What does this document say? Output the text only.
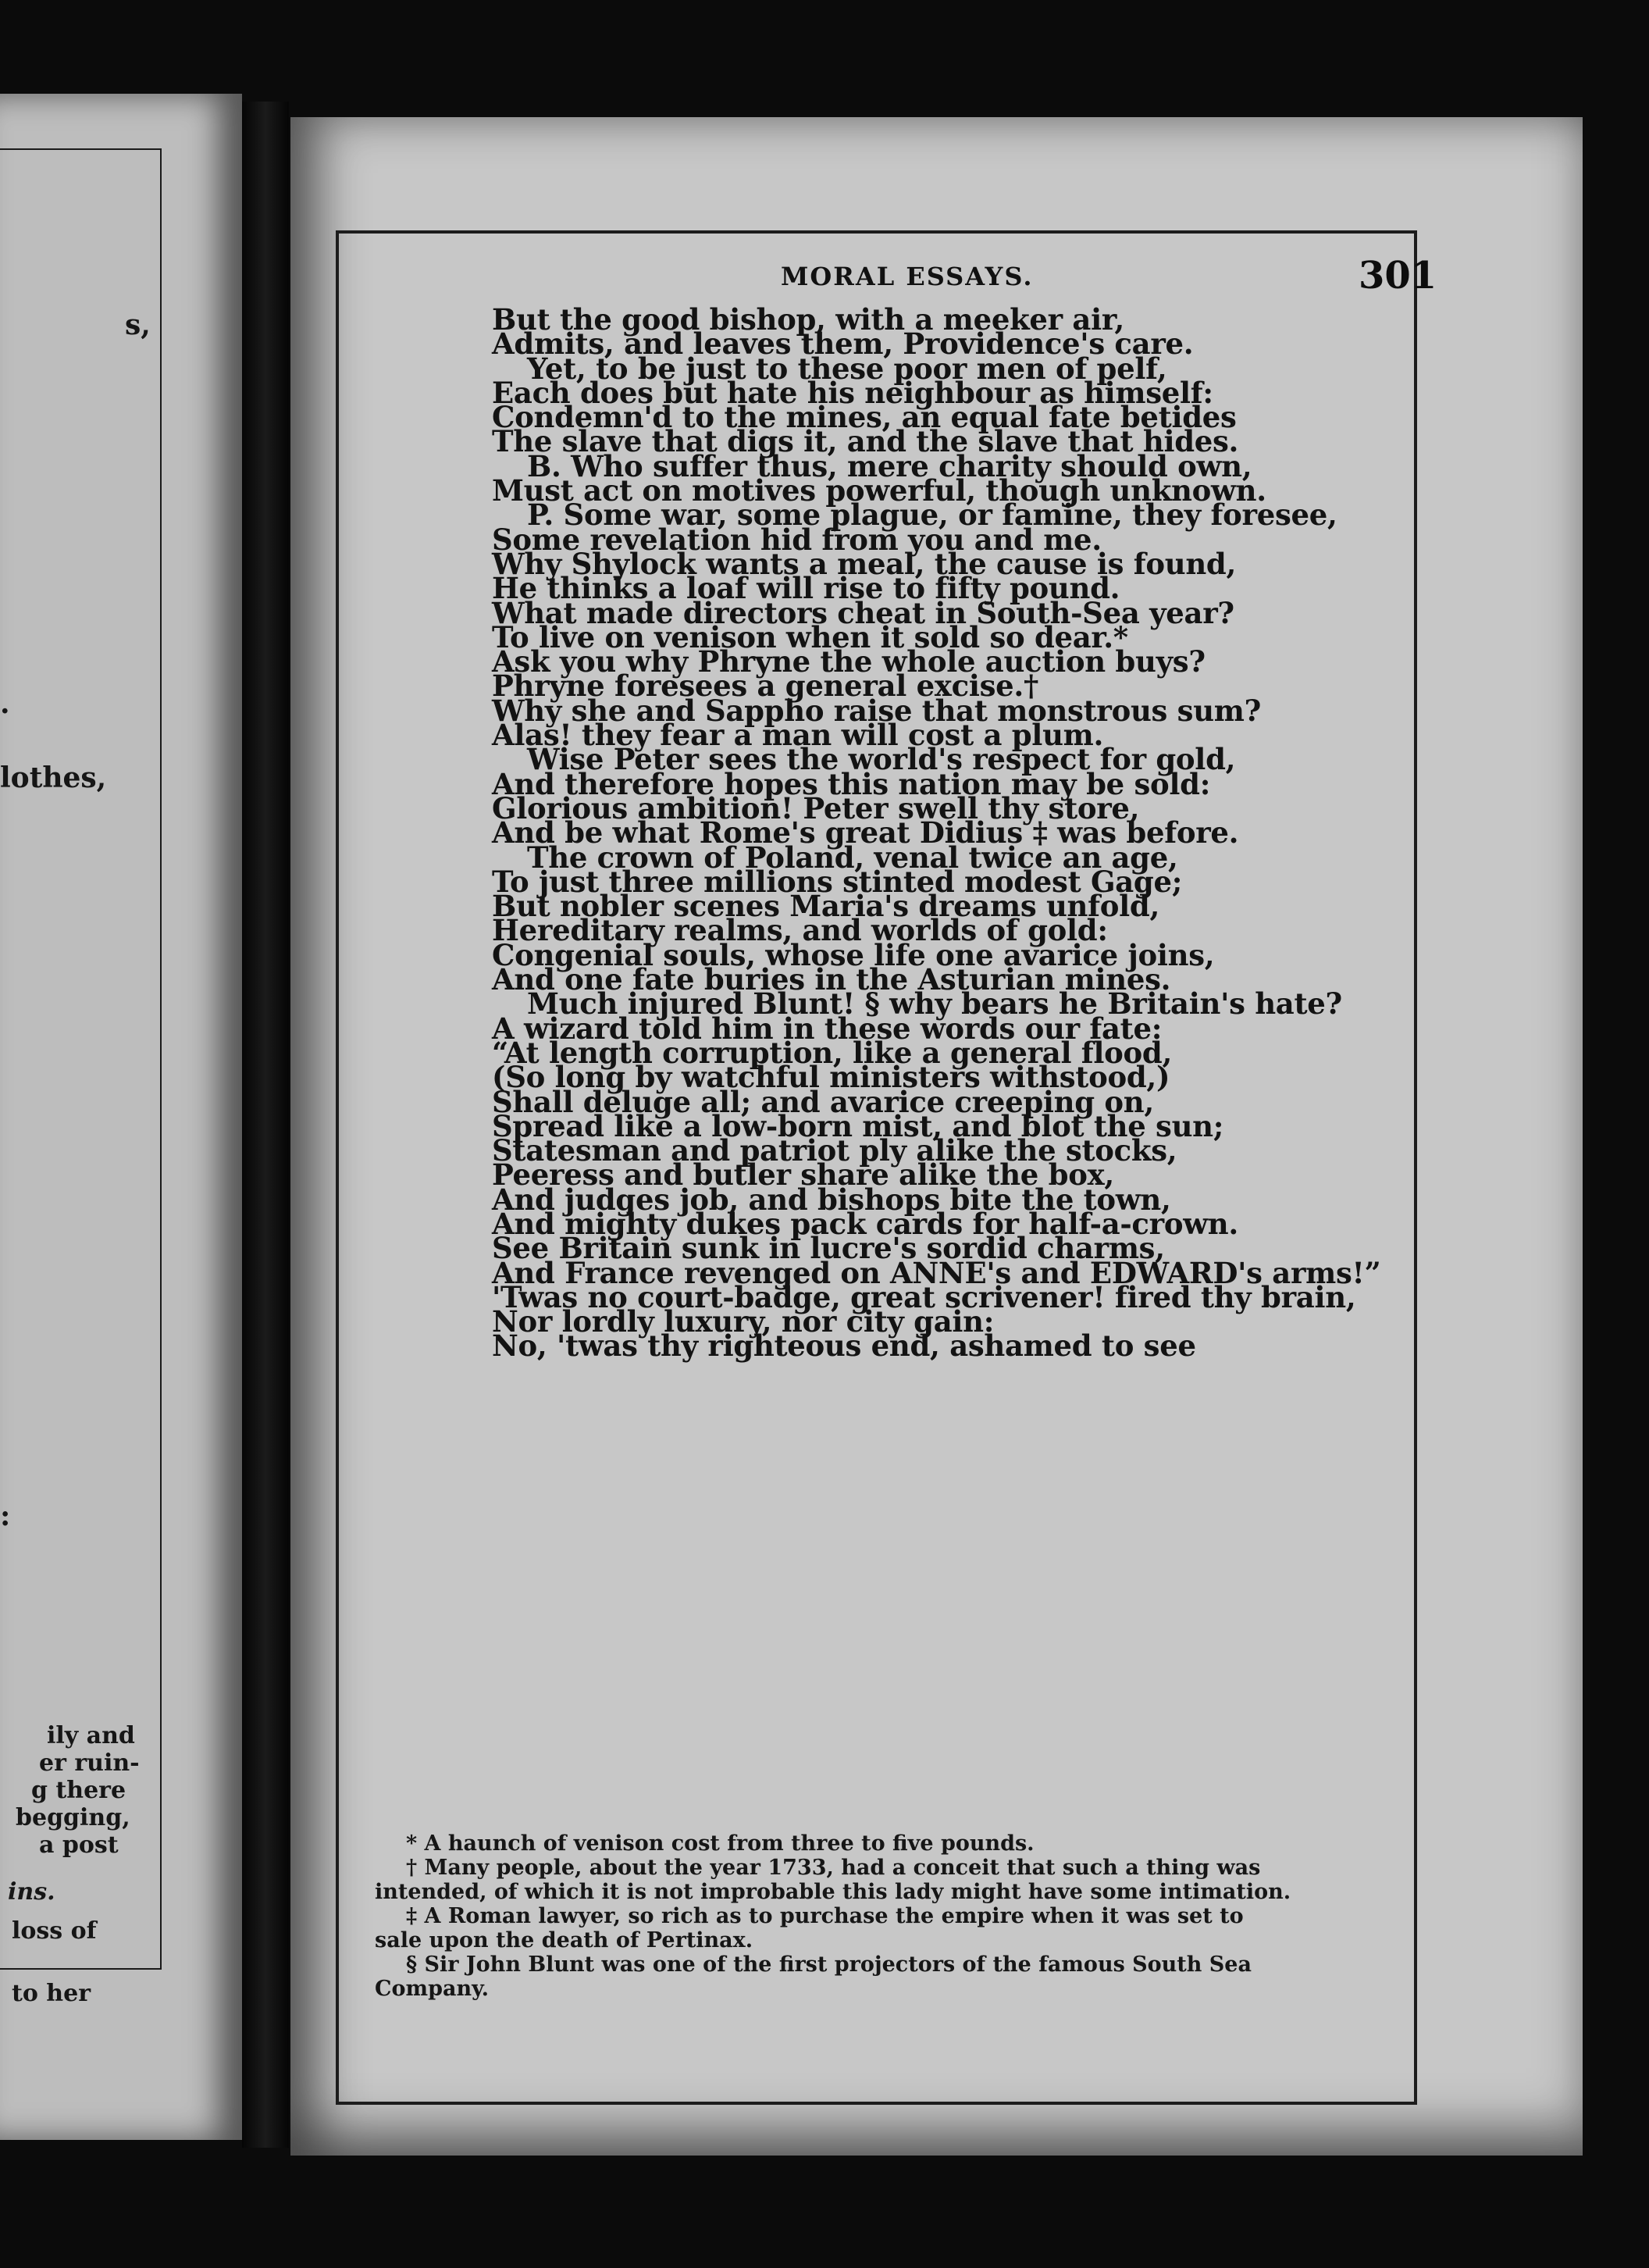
s,
.
lothes,
:
ily and
er ruin-
g there
begging,
a post
ins.
loss of
to her
MORAL ESSAYS.	301
But the good bishop, with a meeker air,
Admits, and leaves them, Providence's care.
Yet, to be just to these poor men of pelf,
Each does but hate his neighbour as himself:
Condemn'd to the mines, an equal fate betides
The slave that digs it, and the slave that hides.
B. Who suffer thus, mere charity should own,
Must act on motives powerful, though unknown.
P. Some war, some plague, or famine, they foresee,
Some revelation hid from you and me.
Why Shylock wants a meal, the cause is found,
He thinks a loaf will rise to fifty pound.
What made directors cheat in South-Sea year?
To live on venison when it sold so dear.*
Ask you why Phryne the whole auction buys?
Phryne foresees a general excise.†
Why she and Sappho raise that monstrous sum?
Alas! they fear a man will cost a plum.
Wise Peter sees the world's respect for gold,
And therefore hopes this nation may be sold:
Glorious ambition! Peter swell thy store,
And be what Rome's great Didius ‡ was before.
The crown of Poland, venal twice an age,
To just three millions stinted modest Gage;
But nobler scenes Maria's dreams unfold,
Hereditary realms, and worlds of gold:
Congenial souls, whose life one avarice joins,
And one fate buries in the Asturian mines.
Much injured Blunt! § why bears he Britain's hate?
A wizard told him in these words our fate:
“At length corruption, like a general flood,
(So long by watchful ministers withstood,)
Shall deluge all; and avarice creeping on,
Spread like a low-born mist, and blot the sun;
Statesman and patriot ply alike the stocks,
Peeress and butler share alike the box,
And judges job, and bishops bite the town,
And mighty dukes pack cards for half-a-crown.
See Britain sunk in lucre's sordid charms,
And France revenged on ANNE's and EDWARD's arms!”
'Twas no court-badge, great scrivener! fired thy brain,
Nor lordly luxury, nor city gain:
No, 'twas thy righteous end, ashamed to see
* A haunch of venison cost from three to five pounds.
† Many people, about the year 1733, had a conceit that such a thing was
intended, of which it is not improbable this lady might have some intimation.
‡ A Roman lawyer, so rich as to purchase the empire when it was set to
sale upon the death of Pertinax.
§ Sir John Blunt was one of the first projectors of the famous South Sea
Company.
